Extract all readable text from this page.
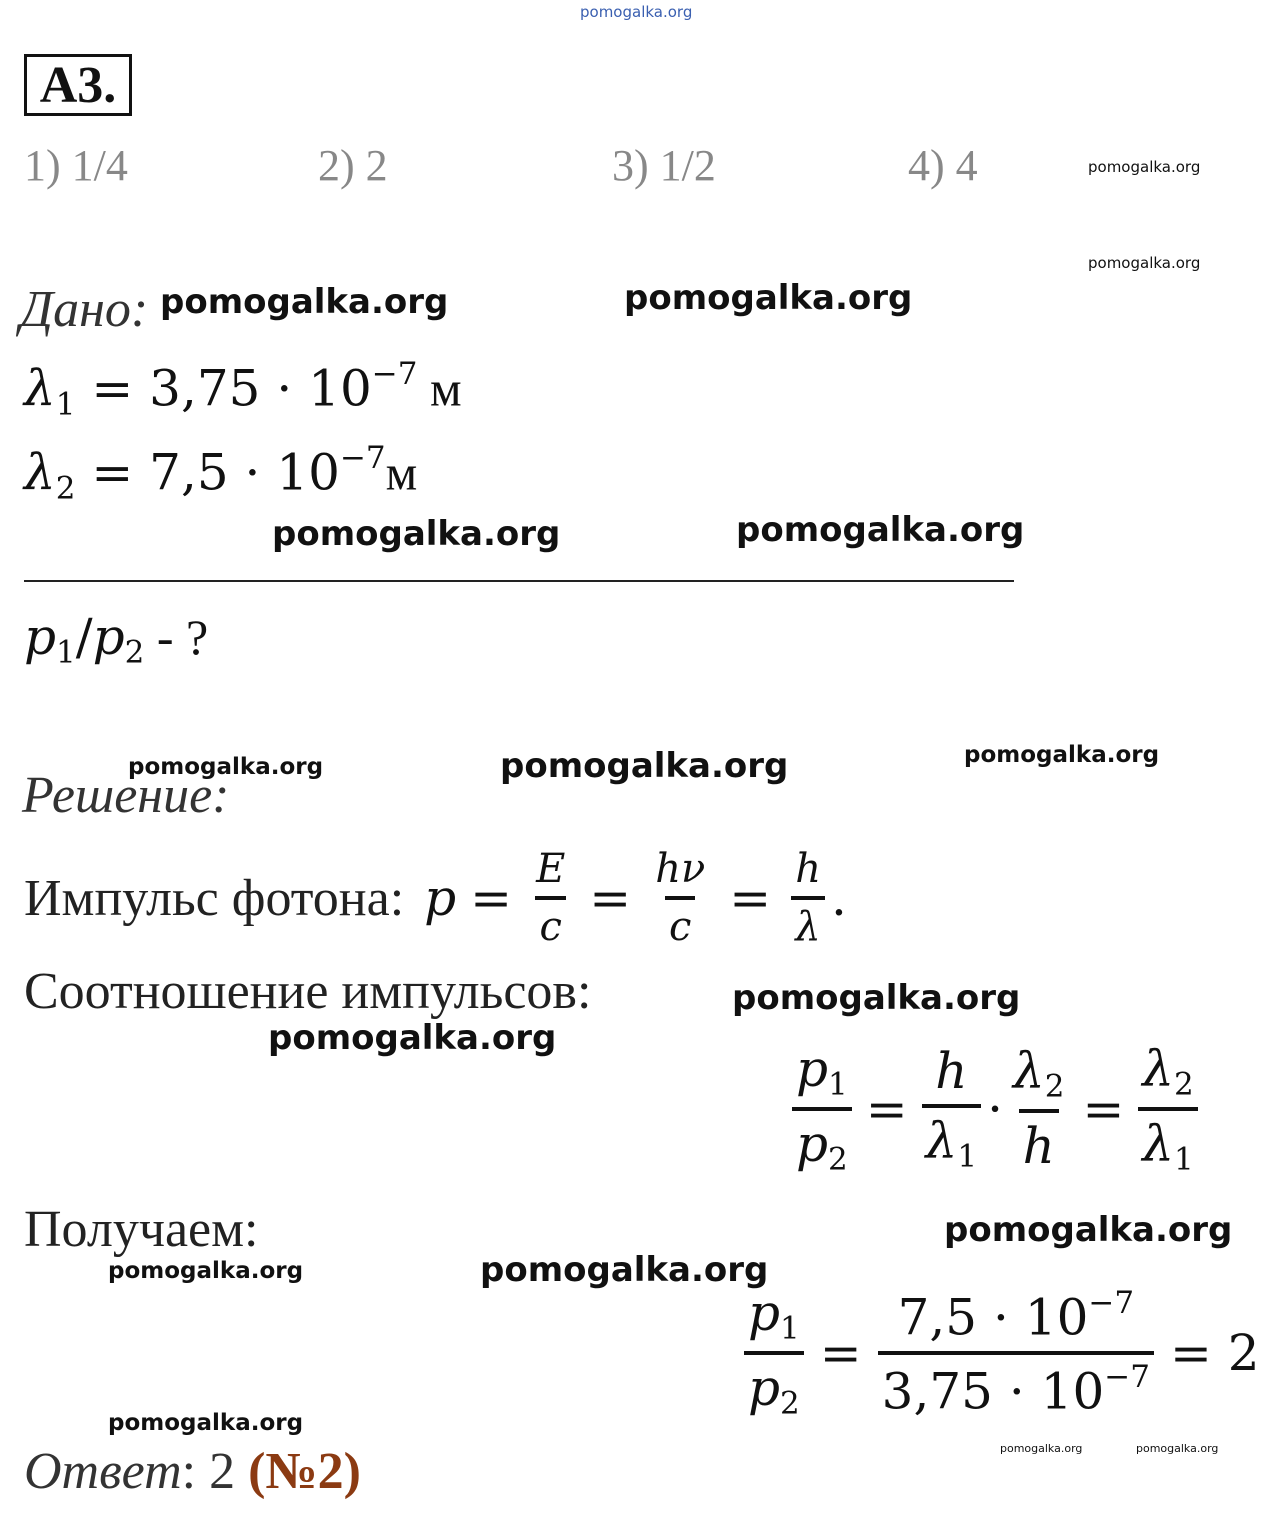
pomogalka.org
pomogalka.org
pomogalka.org
pomogalka.org	pomogalka.org
pomogalka.org	pomogalka.org
pomogalka.org	pomogalka.org	pomogalka.org
pomogalka.org
pomogalka.org
pomogalka.org
pomogalka.org	pomogalka.org
pomogalka.org
pomogalka.org	pomogalka.org
А3.
1) 1/4	2) 2	3) 1/2	4) 4
Дано:
$\lambda_1 = 3,75 \cdot 10^{-7}$ м
$\lambda_2 = 7,5 \cdot 10^{-7}м$
$p_1/p_2$ - ?
Решение:
Импульс фотона: $p = \frac{E}{c} = \frac{h\nu}{c} = \frac{h}{\lambda}$ .
Соотношение импульсов:
$\frac{p_1}{p_2} = \frac{h}{\lambda_1} \cdot \frac{\lambda_2}{h} = \frac{\lambda_2}{\lambda_1}$
Получаем:
$\frac{p_1}{p_2} = \frac{7,5 \cdot 10^{-7}}{3,75 \cdot 10^{-7}} = 2$
Ответ: 2 (№2)
